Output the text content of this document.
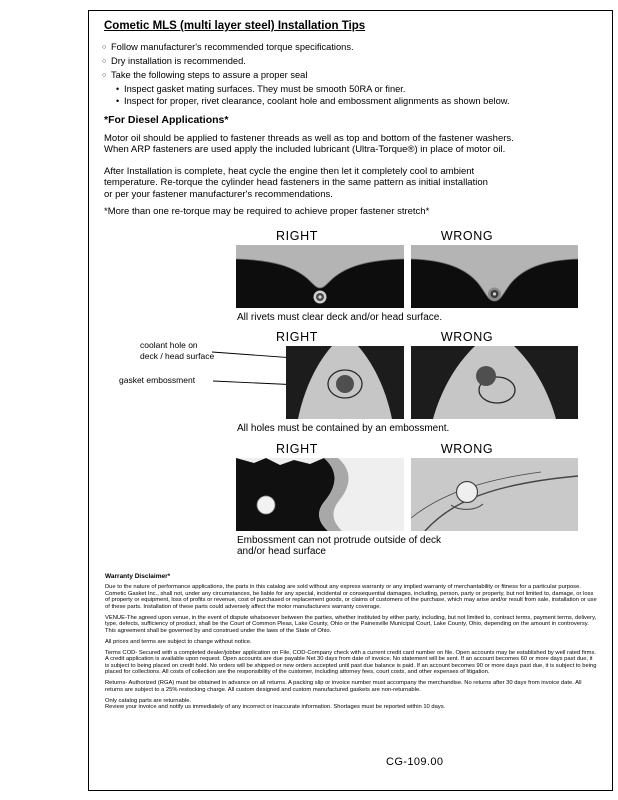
Cometic MLS (multi layer steel) Installation Tips
○
Follow manufacturer's recommended torque specifications.
○
Dry installation is recommended.
○
Take the following steps to assure a proper seal
•
Inspect gasket mating surfaces. They must be smooth 50RA or finer.
•
Inspect for proper, rivet clearance, coolant hole and embossment alignments as shown below.
*For Diesel Applications*
Motor oil should be applied to fastener threads as well as top and bottom of the fastener washers.
When ARP fasteners are used apply the included lubricant (Ultra-Torque®) in place of motor oil.
After Installation is complete, heat cycle the engine then let it completely cool to ambient
temperature. Re-torque the cylinder head fasteners in the same pattern as initial installation
or per your fastener manufacturer's recommendations.
*More than one re-torque may be required to achieve proper fastener stretch*
RIGHT	WRONG
All rivets must clear deck and/or head surface.
RIGHT	WRONG
coolant hole on
deck / head surface
gasket embossment
All holes must be contained by an embossment.
RIGHT	WRONG
Embossment can not protrude outside of deck
and/or head surface
Warranty Disclaimer*

Due to the nature of performance applications, the parts in this catalog are sold without any express warranty or any implied warranty of merchantability or fitness for a particular purpose. Cometic Gasket Inc., shall not, under any circumstances, be liable for any special, incidental or consequential damages, including, person, party or property, but not limited to, damage, or loss of property or equipment, loss of profits or revenue, cost of purchased or replacement goods, or claims of customers of the purchase, which may arise and/or result from sale, installation or use of these parts. Installation of these parts could adversely affect the motor manufacturers warranty coverage.

VENUE-The agreed upon venue, in the event of dispute whatsoever between the parties, whether instituted by either party, including, but not limited to, contract terms, payment terms, delivery, type, defects, sufficiency of product, shall be the Court of Common Pleas, Lake County, Ohio or the Painesville Municipal Court, Lake County, Ohio, depending on the amount in controversy.
This agreement shall be governed by and construed under the laws of the State of Ohio.

All prices and terms are subject to change without notice.

Terms COD- Secured with a completed dealer/jobber application on File, COD-Company check with a current credit card number on file. Open accounts may be established by well rated firms. A credit application is available upon request. Open accounts are due payable Net 30 days from date of invoice. No statement will be sent. If an account becomes 60 or more days past due, it is subject to being placed on credit hold. No orders will be shipped or new orders accepted until past due balance is paid. If an account becomes 90 or more days past due, it is subject to being placed for collections. All costs of collection are the responsibility of the customer, including attorney fees, court costs, and other expenses of litigation.

Returns- Authorized (RGA) must be obtained in advance on all returns. A packing slip or invoice number must accompany the merchandise. No returns after 30 days from invoice date. All returns are subject to a 25% restocking charge. All custom designed and custom manufactured gaskets are non-returnable.

Only catalog parts are returnable.
Review your invoice and notify us immediately of any incorrect or inaccurate information. Shortages must be reported within 10 days.

CG-109.00
